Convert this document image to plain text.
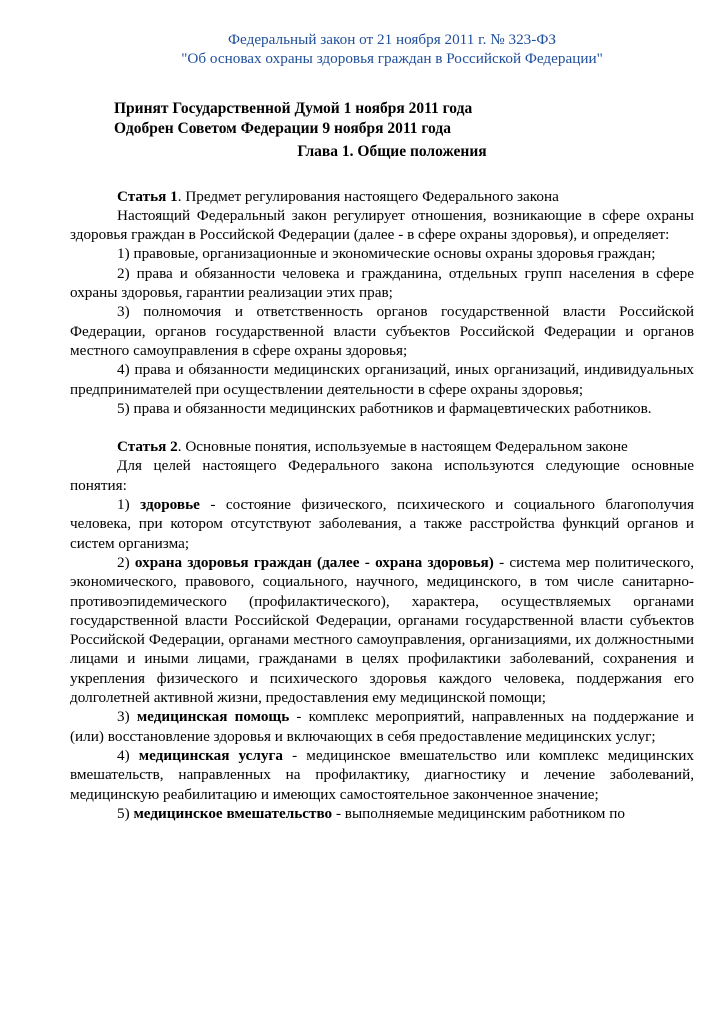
Федеральный закон от 21 ноября 2011 г. № 323-ФЗ
"Об основах охраны здоровья граждан в Российской Федерации"
Принят Государственной Думой 1 ноября 2011 года
Одобрен Советом Федерации 9 ноября 2011 года
Глава 1. Общие положения

Статья 1. Предмет регулирования настоящего Федерального закона

Настоящий Федеральный закон регулирует отношения, возникающие в сфере охраны здоровья граждан в Российской Федерации (далее - в сфере охраны здоровья), и определяет:

1) правовые, организационные и экономические основы охраны здоровья граждан;

2) права и обязанности человека и гражданина, отдельных групп населения в сфере охраны здоровья, гарантии реализации этих прав;

3) полномочия и ответственность органов государственной власти Российской Федерации, органов государственной власти субъектов Российской Федерации и органов местного самоуправления в сфере охраны здоровья;

4) права и обязанности медицинских организаций, иных организаций, индивидуальных предпринимателей при осуществлении деятельности в сфере охраны здоровья;

5) права и обязанности медицинских работников и фармацевтических работников.

Статья 2. Основные понятия, используемые в настоящем Федеральном законе

Для целей настоящего Федерального закона используются следующие основные понятия:

1) здоровье - состояние физического, психического и социального благополучия человека, при котором отсутствуют заболевания, а также расстройства функций органов и систем организма;

2) охрана здоровья граждан (далее - охрана здоровья) - система мер политического, экономического, правового, социального, научного, медицинского, в том числе санитарно-противоэпидемического (профилактического), характера, осуществляемых органами государственной власти Российской Федерации, органами государственной власти субъектов Российской Федерации, органами местного самоуправления, организациями, их должностными лицами и иными лицами, гражданами в целях профилактики заболеваний, сохранения и укрепления физического и психического здоровья каждого человека, поддержания его долголетней активной жизни, предоставления ему медицинской помощи;

3) медицинская помощь - комплекс мероприятий, направленных на поддержание и (или) восстановление здоровья и включающих в себя предоставление медицинских услуг;

4) медицинская услуга - медицинское вмешательство или комплекс медицинских вмешательств, направленных на профилактику, диагностику и лечение заболеваний, медицинскую реабилитацию и имеющих самостоятельное законченное значение;

5) медицинское вмешательство - выполняемые медицинским работником по
